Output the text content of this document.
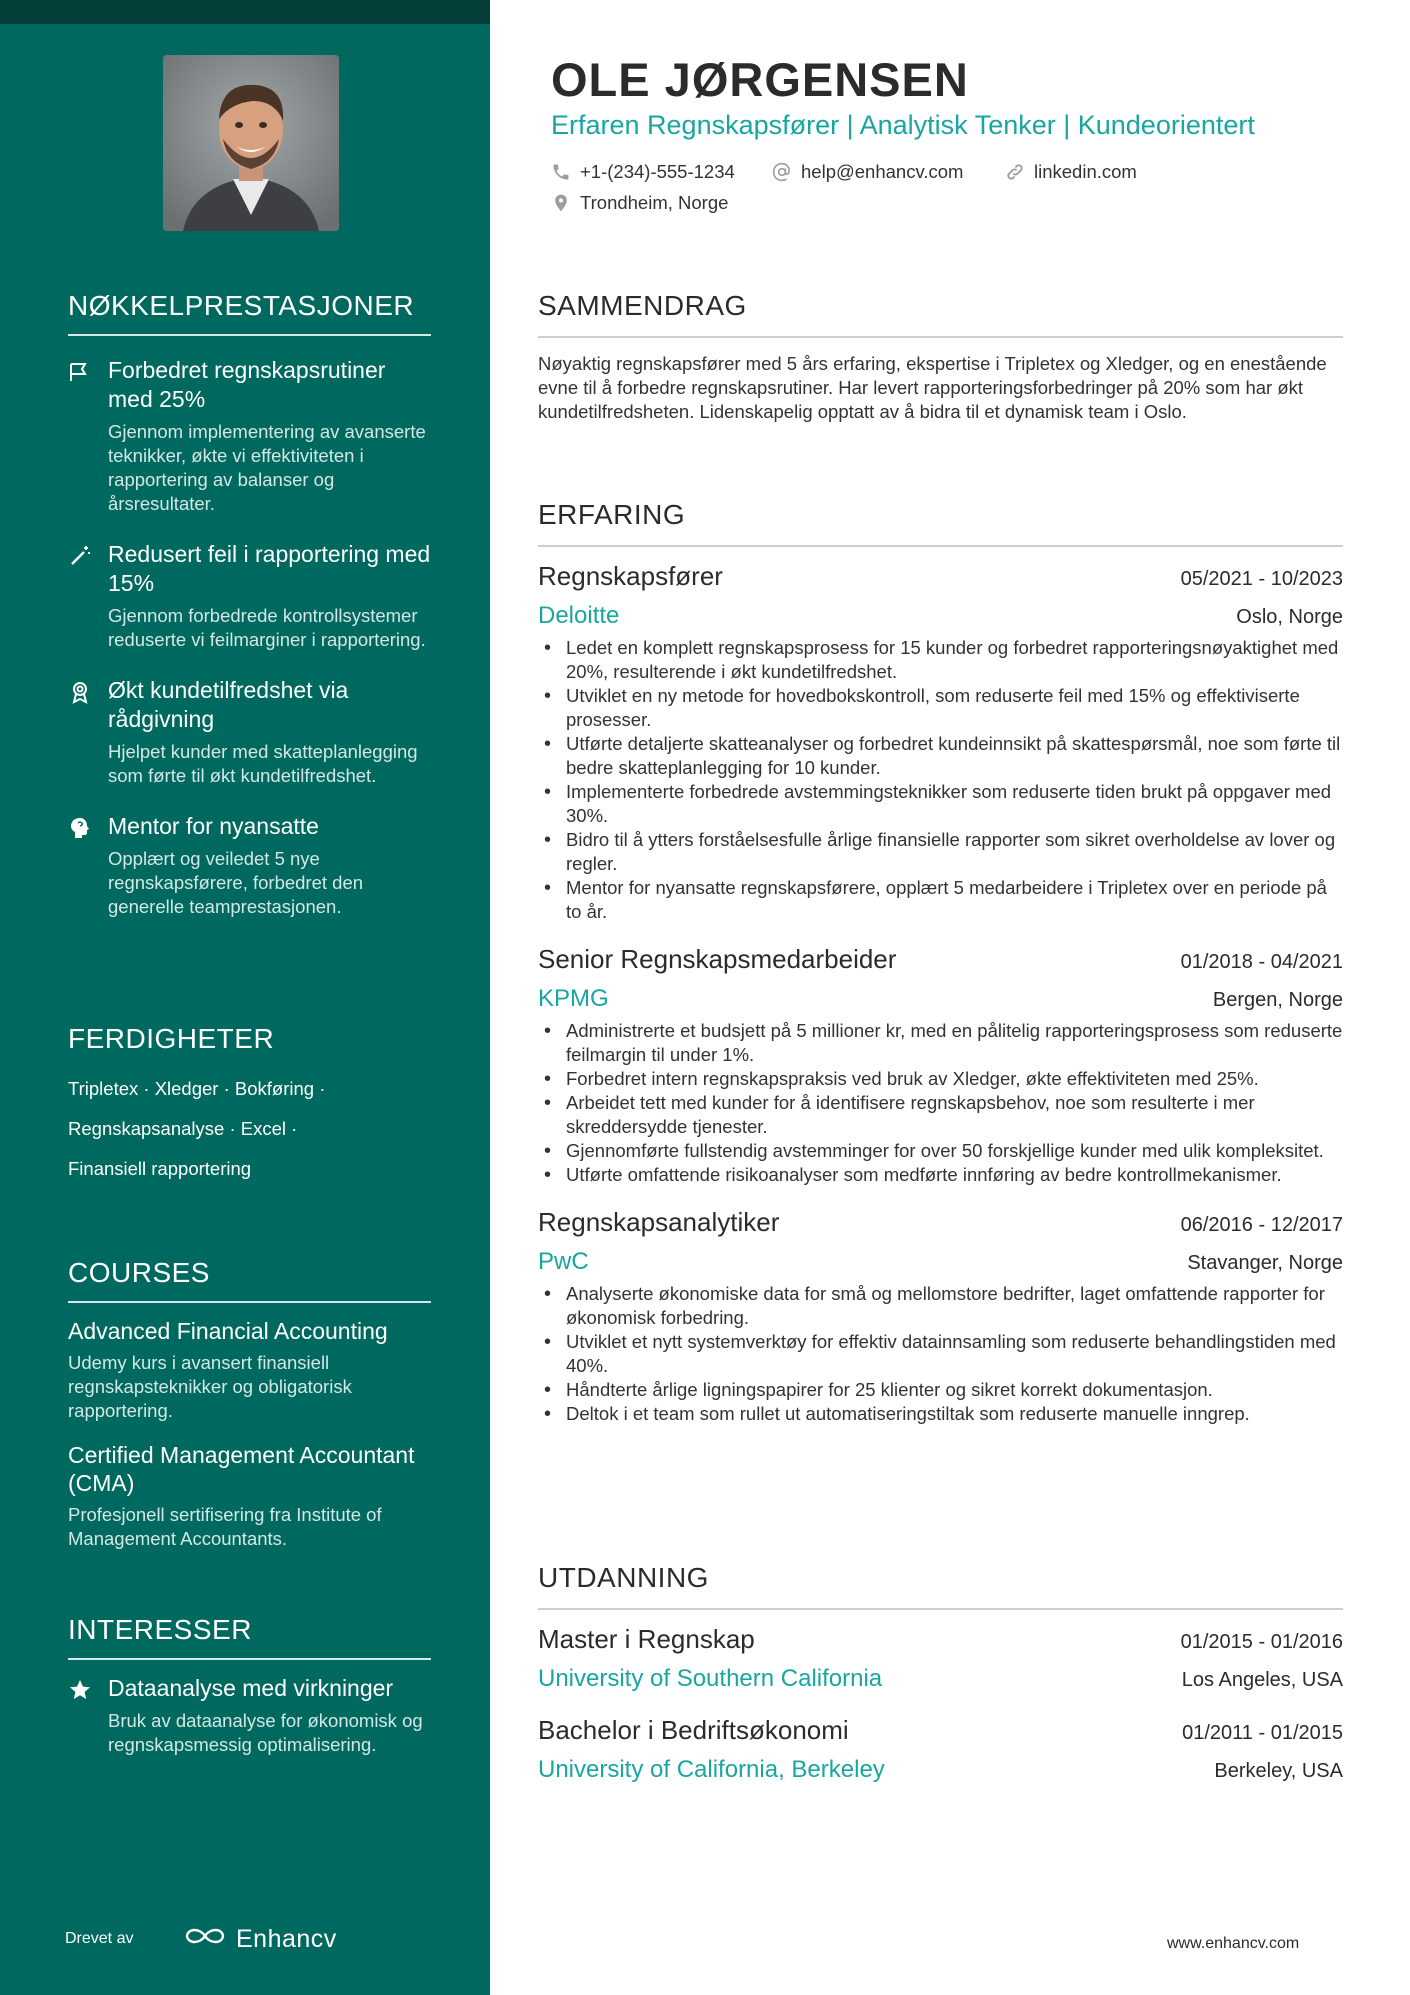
NØKKELPRESTASJONER
Forbedret regnskapsrutiner med 25%
Gjennom implementering av avanserte teknikker, økte vi effektiviteten i rapportering av balanser og årsresultater.
Redusert feil i rapportering med 15%
Gjennom forbedrede kontrollsystemer reduserte vi feilmarginer i rapportering.
Økt kundetilfredshet via rådgivning
Hjelpet kunder med skatteplanlegging som førte til økt kundetilfredshet.
Mentor for nyansatte
Opplært og veiledet 5 nye regnskapsførere, forbedret den generelle teamprestasjonen.
FERDIGHETER
Tripletex · Xledger · Bokføring ·
Regnskapsanalyse · Excel ·
Finansiell rapportering
COURSES
Advanced Financial Accounting
Udemy kurs i avansert finansiell regnskapsteknikker og obligatorisk rapportering.
Certified Management Accountant (CMA)
Profesjonell sertifisering fra Institute of Management Accountants.
INTERESSER
Dataanalyse med virkninger
Bruk av dataanalyse for økonomisk og regnskapsmessig optimalisering.
Drevet av	Enhancv
OLE JØRGENSEN
Erfaren Regnskapsfører | Analytisk Tenker | Kundeorientert
+1-(234)-555-1234	help@enhancv.com	linkedin.com
Trondheim, Norge
SAMMENDRAG
Nøyaktig regnskapsfører med 5 års erfaring, ekspertise i Tripletex og Xledger, og en enestående evne til å forbedre regnskapsrutiner. Har levert rapporteringsforbedringer på 20% som har økt kundetilfredsheten. Lidenskapelig opptatt av å bidra til et dynamisk team i Oslo.
ERFARING
Regnskapsfører	05/2021 - 10/2023
Deloitte	Oslo, Norge
• Ledet en komplett regnskapsprosess for 15 kunder og forbedret rapporteringsnøyaktighet med 20%, resulterende i økt kundetilfredshet.
• Utviklet en ny metode for hovedbokskontroll, som reduserte feil med 15% og effektiviserte prosesser.
• Utførte detaljerte skatteanalyser og forbedret kundeinnsikt på skattespørsmål, noe som førte til bedre skatteplanlegging for 10 kunder.
• Implementerte forbedrede avstemmingsteknikker som reduserte tiden brukt på oppgaver med 30%.
• Bidro til å ytters forståelsesfulle årlige finansielle rapporter som sikret overholdelse av lover og regler.
• Mentor for nyansatte regnskapsførere, opplært 5 medarbeidere i Tripletex over en periode på to år.
Senior Regnskapsmedarbeider	01/2018 - 04/2021
KPMG	Bergen, Norge
• Administrerte et budsjett på 5 millioner kr, med en pålitelig rapporteringsprosess som reduserte feilmargin til under 1%.
• Forbedret intern regnskapspraksis ved bruk av Xledger, økte effektiviteten med 25%.
• Arbeidet tett med kunder for å identifisere regnskapsbehov, noe som resulterte i mer skreddersydde tjenester.
• Gjennomførte fullstendig avstemminger for over 50 forskjellige kunder med ulik kompleksitet.
• Utførte omfattende risikoanalyser som medførte innføring av bedre kontrollmekanismer.
Regnskapsanalytiker	06/2016 - 12/2017
PwC	Stavanger, Norge
• Analyserte økonomiske data for små og mellomstore bedrifter, laget omfattende rapporter for økonomisk forbedring.
• Utviklet et nytt systemverktøy for effektiv datainnsamling som reduserte behandlingstiden med 40%.
• Håndterte årlige ligningspapirer for 25 klienter og sikret korrekt dokumentasjon.
• Deltok i et team som rullet ut automatiseringstiltak som reduserte manuelle inngrep.
UTDANNING
Master i Regnskap	01/2015 - 01/2016
University of Southern California	Los Angeles, USA
Bachelor i Bedriftsøkonomi	01/2011 - 01/2015
University of California, Berkeley	Berkeley, USA
www.enhancv.com
